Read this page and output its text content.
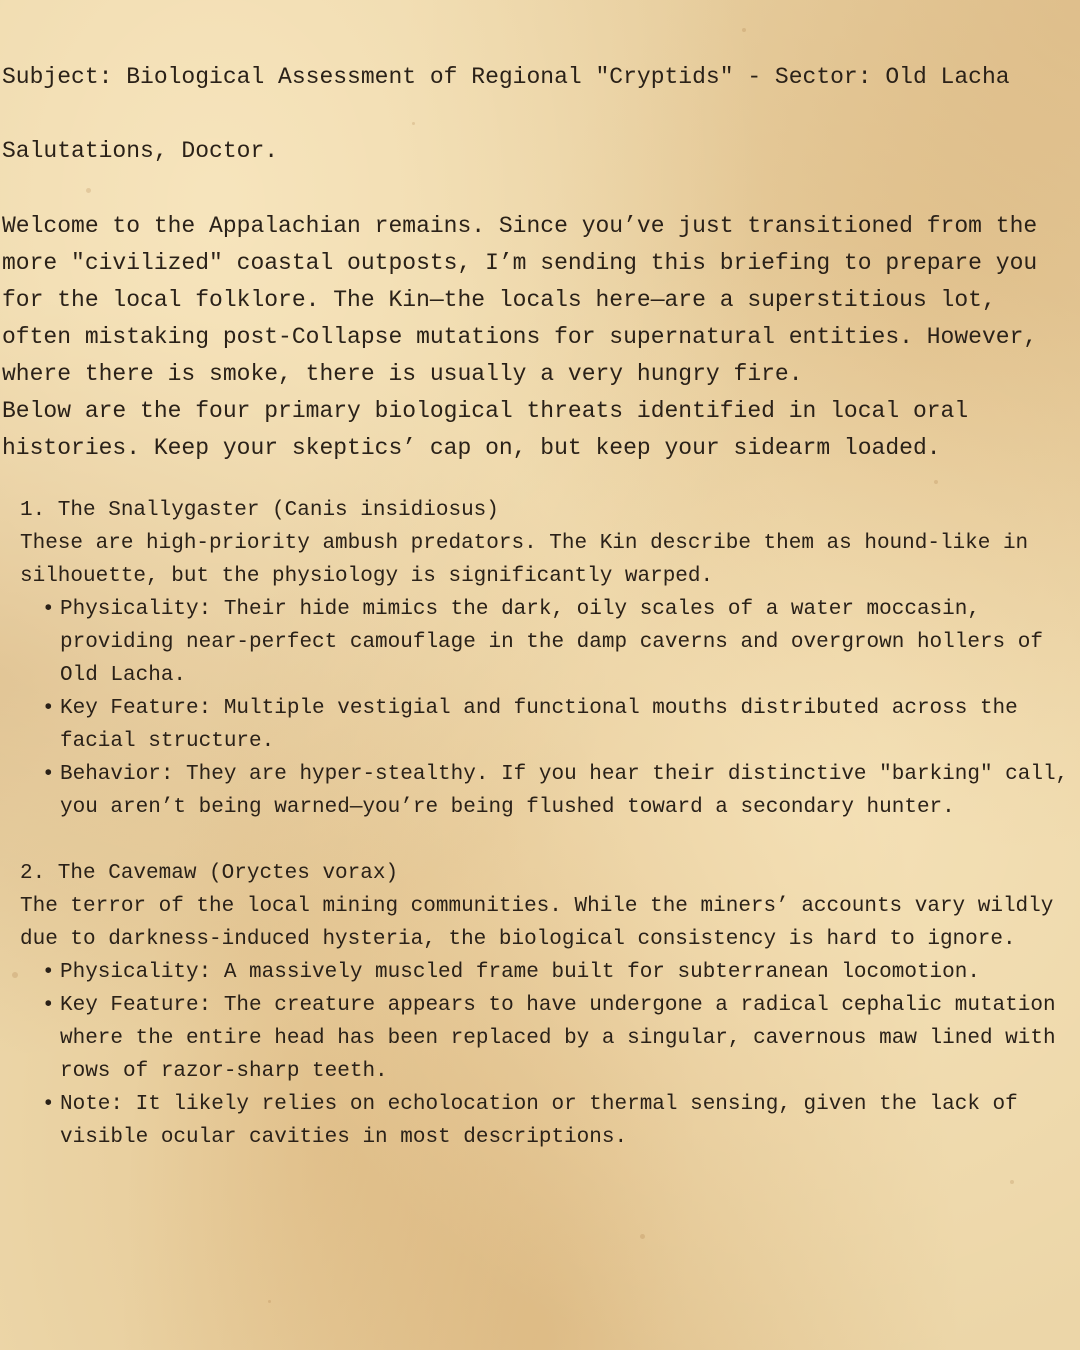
Subject: Biological Assessment of Regional "Cryptids" - Sector: Old Lacha
Salutations, Doctor.

Welcome to the Appalachian remains. Since you’ve just transitioned from the more "civilized" coastal outposts, I’m sending this briefing to prepare you for the local folklore. The Kin—the locals here—are a superstitious lot, often mistaking post-Collapse mutations for supernatural entities. However, where there is smoke, there is usually a very hungry fire.

Below are the four primary biological threats identified in local oral histories. Keep your skeptics’ cap on, but keep your sidearm loaded.

1. The Snallygaster (Canis insidiosus)

These are high-priority ambush predators. The Kin describe them as hound-like in silhouette, but the physiology is significantly warped.

• Physicality: Their hide mimics the dark, oily scales of a water moccasin, providing near-perfect camouflage in the damp caverns and overgrown hollers of Old Lacha.
• Key Feature: Multiple vestigial and functional mouths distributed across the facial structure.
• Behavior: They are hyper-stealthy. If you hear their distinctive "barking" call, you aren’t being warned—you’re being flushed toward a secondary hunter.
2. The Cavemaw (Oryctes vorax)

The terror of the local mining communities. While the miners’ accounts vary wildly due to darkness-induced hysteria, the biological consistency is hard to ignore.

• Physicality: A massively muscled frame built for subterranean locomotion.
• Key Feature: The creature appears to have undergone a radical cephalic mutation where the entire head has been replaced by a singular, cavernous maw lined with rows of razor-sharp teeth.
• Note: It likely relies on echolocation or thermal sensing, given the lack of visible ocular cavities in most descriptions.
